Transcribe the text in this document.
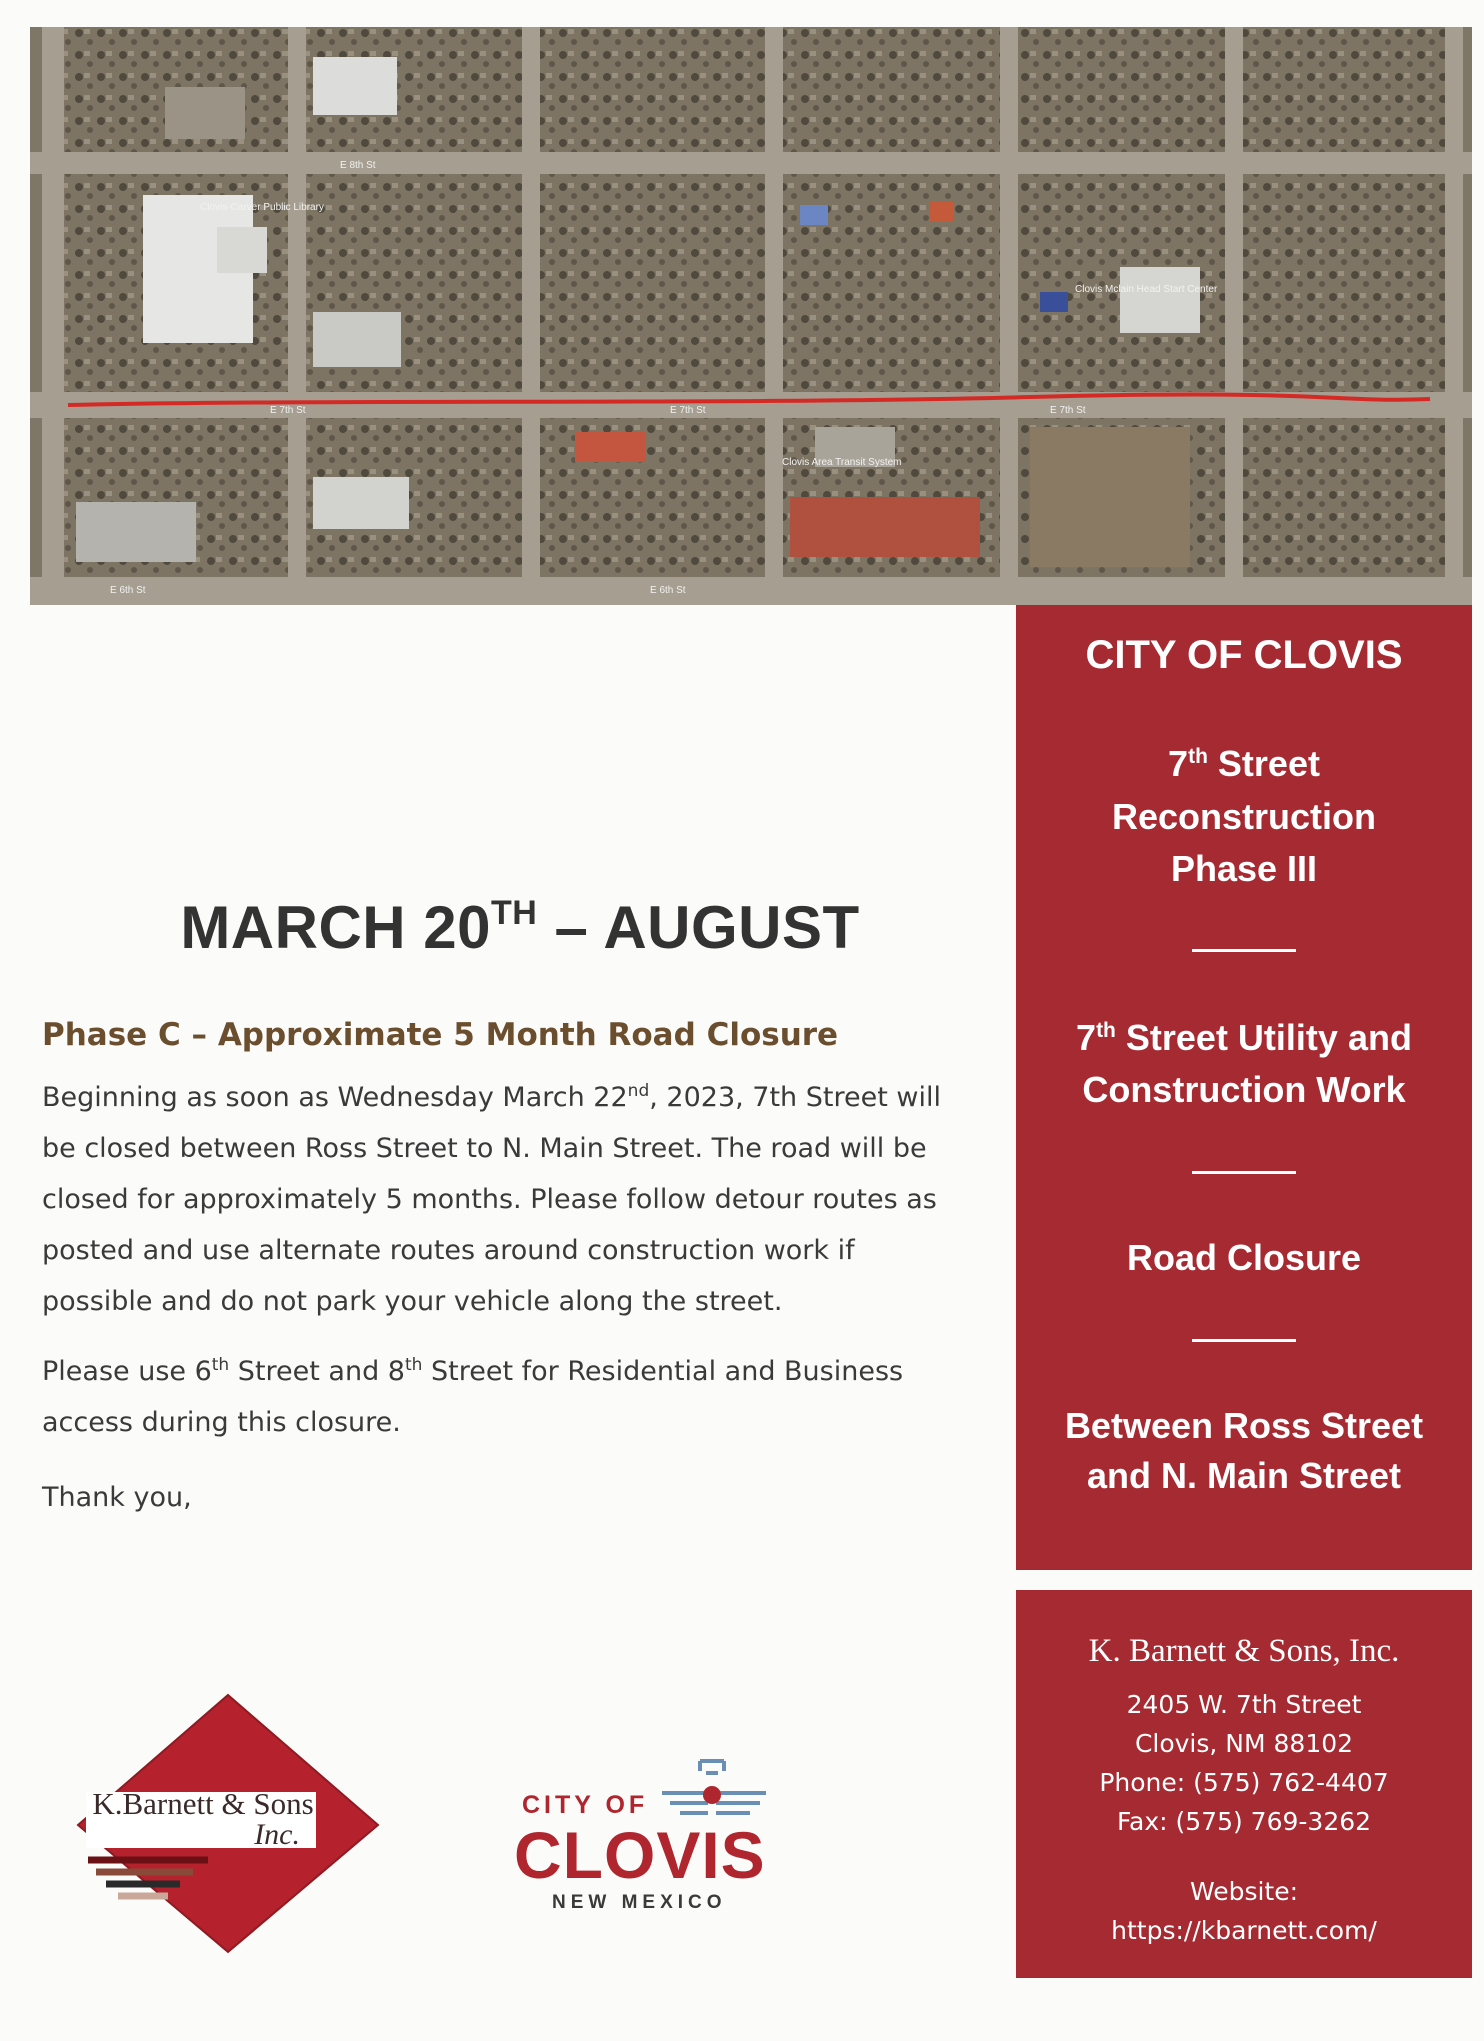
Clovis-Carver Public Library
Clovis Area Transit System
Clovis Mclain Head Start Center
E 8th St
E 7th St	E 7th St	E 7th St
E 6th St	E 6th St
MARCH 20TH – AUGUST
Phase C – Approximate 5 Month Road Closure
Beginning as soon as Wednesday March 22nd, 2023, 7th Street will
be closed between Ross Street to N. Main Street. The road will be
closed for approximately 5 months. Please follow detour routes as
posted and use alternate routes around construction work if
possible and do not park your vehicle along the street.
Please use 6th Street and 8th Street for Residential and Business
access during this closure.
Thank you,
CITY OF CLOVIS
7th Street
Reconstruction
Phase III
7th Street Utility and
Construction Work
Road Closure
Between Ross Street
and N. Main Street
K. Barnett & Sons, Inc.
2405 W. 7th Street
Clovis, NM 88102
Phone: (575) 762-4407
Fax: (575) 769-3262
Website:
https://kbarnett.com/
K.Barnett & Sons
Inc.
CITY OF
CLOVIS
NEW MEXICO
